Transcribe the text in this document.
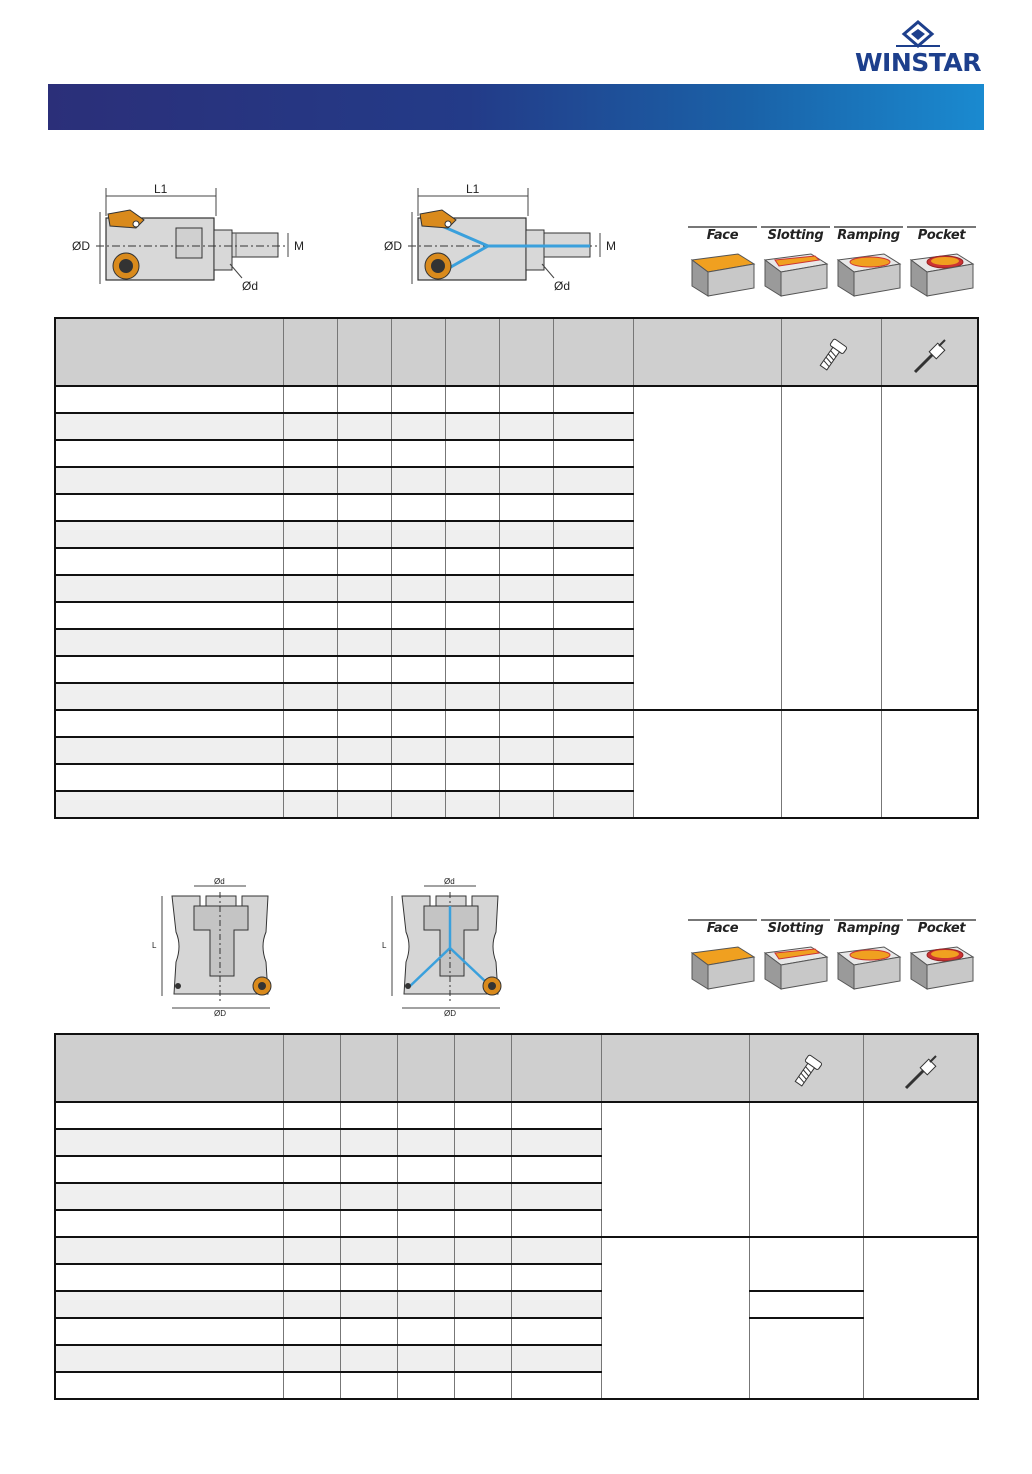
WINSTAR
L1
ØD	M
Ød
L1
ØD	M
Ød
Face	Slotting	Ramping	Pocket

Ød
L
ØD
Ød
L
ØD
Face	Slotting	Ramping	Pocket
